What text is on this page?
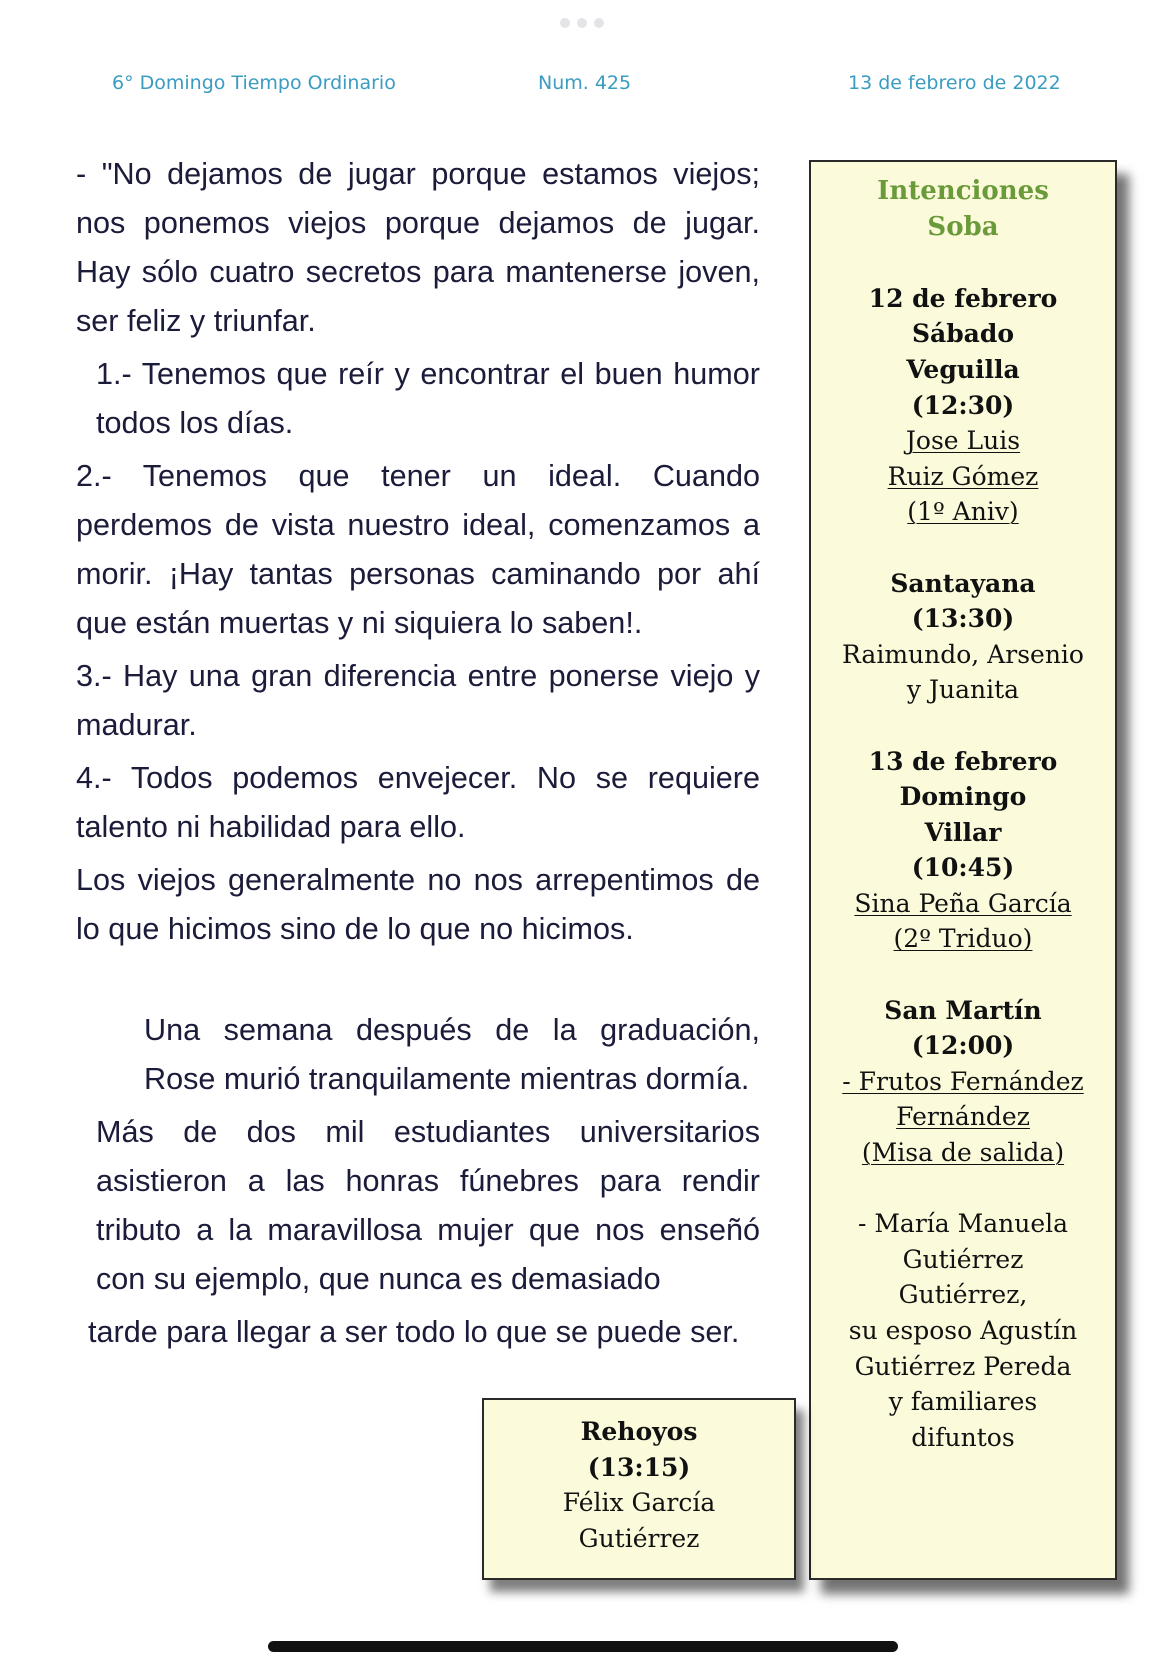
6° Domingo Tiempo Ordinario	Num. 425	13 de febrero de 2022

- "No dejamos de jugar porque estamos viejos; nos ponemos viejos porque dejamos de jugar. Hay sólo cuatro secretos para mantenerse joven, ser feliz y triunfar.

1.- Tenemos que reír y encontrar el buen humor todos los días.

2.- Tenemos que tener un ideal. Cuando perdemos de vista nuestro ideal, comenzamos a morir. ¡Hay tantas personas caminando por ahí que están muertas y ni siquiera lo saben!.

3.- Hay una gran diferencia entre ponerse viejo y madurar.

4.- Todos podemos envejecer. No se requiere talento ni habilidad para ello.

Los viejos generalmente no nos arrepentimos de lo que hicimos sino de lo que no hicimos.

Una semana después de la graduación, Rose murió tranquilamente mientras dormía.

Más de dos mil estudiantes universitarios asistieron a las honras fúnebres para rendir tributo a la maravillosa mujer que nos enseñó con su ejemplo, que nunca es demasiado

tarde para llegar a ser todo lo que se puede ser.

Intenciones
Soba
12 de febrero
Sábado
Veguilla
(12:30)
Jose Luis
Ruiz Gómez
(1º Aniv)
Santayana
(13:30)
Raimundo, Arsenio
y Juanita
13 de febrero
Domingo
Villar
(10:45)
Sina Peña García
(2º Triduo)
San Martín
(12:00)
- Frutos Fernández
Fernández
(Misa de salida)
- María Manuela
Gutiérrez
Gutiérrez,
su esposo Agustín
Gutiérrez Pereda
y familiares
difuntos
Rehoyos
(13:15)
Félix García
Gutiérrez
